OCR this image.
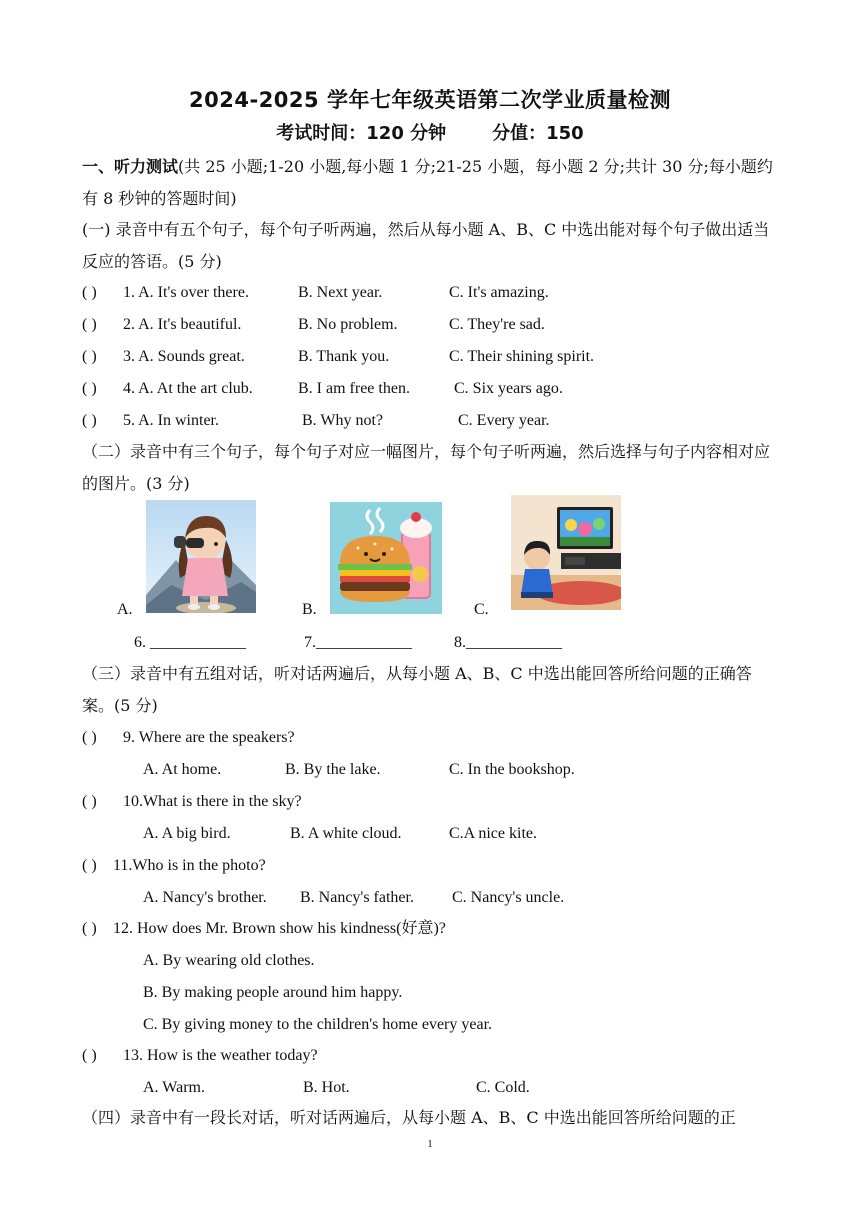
2024-2025 学年七年级英语第二次学业质量检测
考试时间：120 分钟	分值：150
一、听力测试(共 25 小题;1-20 小题,每小题 1 分;21-25 小题，每小题 2 分;共计 30 分;每小题约有 8 秒钟的答题时间)
(一) 录音中有五个句子，每个句子听两遍，然后从每小题 A、B、C 中选出能对每个句子做出适当反应的答语。(5 分)
( ) 1. A. It's over there.	B. Next year.	C. It's amazing.
( ) 2. A. It's beautiful.	B. No problem.	C. They're sad.
( ) 3. A. Sounds great.	B. Thank you.	C. Their shining spirit.
( ) 4. A. At the art club.	B. I am free then.	C. Six years ago.
( ) 5. A. In winter.	B. Why not?	C. Every year.
（二）录音中有三个句子，每个句子对应一幅图片，每个句子听两遍，然后选择与句子内容相对应的图片。(3 分)
A.	B.	C.
6. ____________	7.____________	8.____________
（三）录音中有五组对话，听对话两遍后，从每小题 A、B、C 中选出能回答所给问题的正确答案。(5 分)
( ) 9. Where are the speakers?
A. At home.	B. By the lake.	C. In the bookshop.
( ) 10.What is there in the sky?
A. A big bird.	B. A white cloud.	C.A nice kite.
( ) 11.Who is in the photo?
A. Nancy's brother. B. Nancy's father. C. Nancy's uncle.
( ) 12. How does Mr. Brown show his kindness(好意)?
A. By wearing old clothes.
B. By making people around him happy.
C. By giving money to the children's home every year.
( ) 13. How is the weather today?
A. Warm.	B. Hot.	C. Cold.
（四）录音中有一段长对话，听对话两遍后，从每小题 A、B、C 中选出能回答所给问题的正
1
